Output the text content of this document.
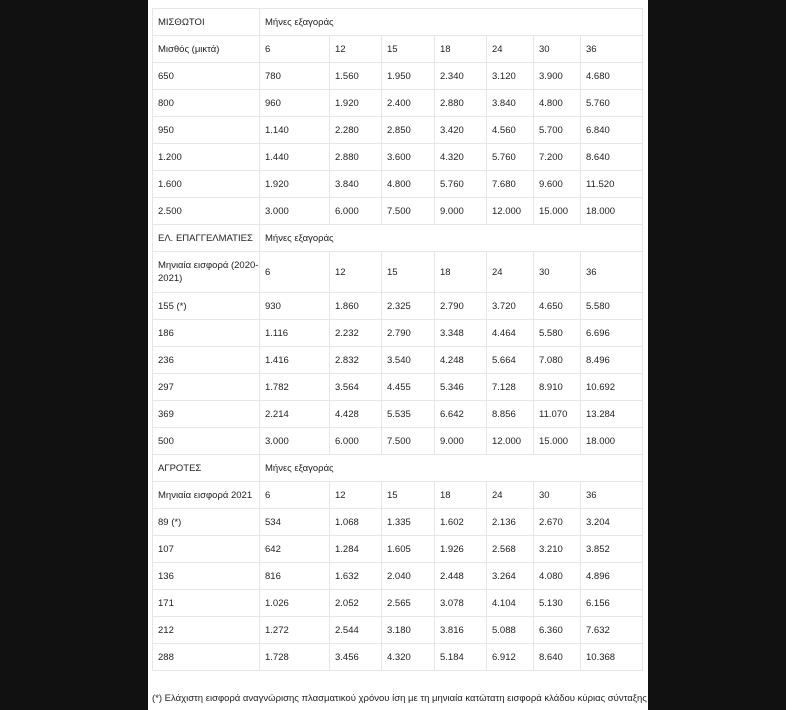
ΜΙΣΘΩΤΟΙ	Μήνες εξαγοράς						
Μισθός (μικτά)	6	12	15	18	24	30	36
650	780	1.560	1.950	2.340	3.120	3.900	4.680
800	960	1.920	2.400	2.880	3.840	4.800	5.760
950	1.140	2.280	2.850	3.420	4.560	5.700	6.840
1.200	1.440	2.880	3.600	4.320	5.760	7.200	8.640
1.600	1.920	3.840	4.800	5.760	7.680	9.600	11.520
2.500	3.000	6.000	7.500	9.000	12.000	15.000	18.000
ΕΛ. ΕΠΑΓΓΕΛΜΑΤΙΕΣ	Μήνες εξαγοράς						
Μηνιαία εισφορά (2020-2021)	6	12	15	18	24	30	36
155 (*)	930	1.860	2.325	2.790	3.720	4.650	5.580
186	1.116	2.232	2.790	3.348	4.464	5.580	6.696
236	1.416	2.832	3.540	4.248	5.664	7.080	8.496
297	1.782	3.564	4.455	5.346	7.128	8.910	10.692
369	2.214	4.428	5.535	6.642	8.856	11.070	13.284
500	3.000	6.000	7.500	9.000	12.000	15.000	18.000
ΑΓΡΟΤΕΣ	Μήνες εξαγοράς						
Μηνιαία εισφορά 2021	6	12	15	18	24	30	36
89 (*)	534	1.068	1.335	1.602	2.136	2.670	3.204
107	642	1.284	1.605	1.926	2.568	3.210	3.852
136	816	1.632	2.040	2.448	3.264	4.080	4.896
171	1.026	2.052	2.565	3.078	4.104	5.130	6.156
212	1.272	2.544	3.180	3.816	5.088	6.360	7.632
288	1.728	3.456	4.320	5.184	6.912	8.640	10.368
(*) Ελάχιστη εισφορά αναγνώρισης πλασματικού χρόνου ίση με τη μηνιαία κατώτατη εισφορά κλάδου κύριας σύνταξης
